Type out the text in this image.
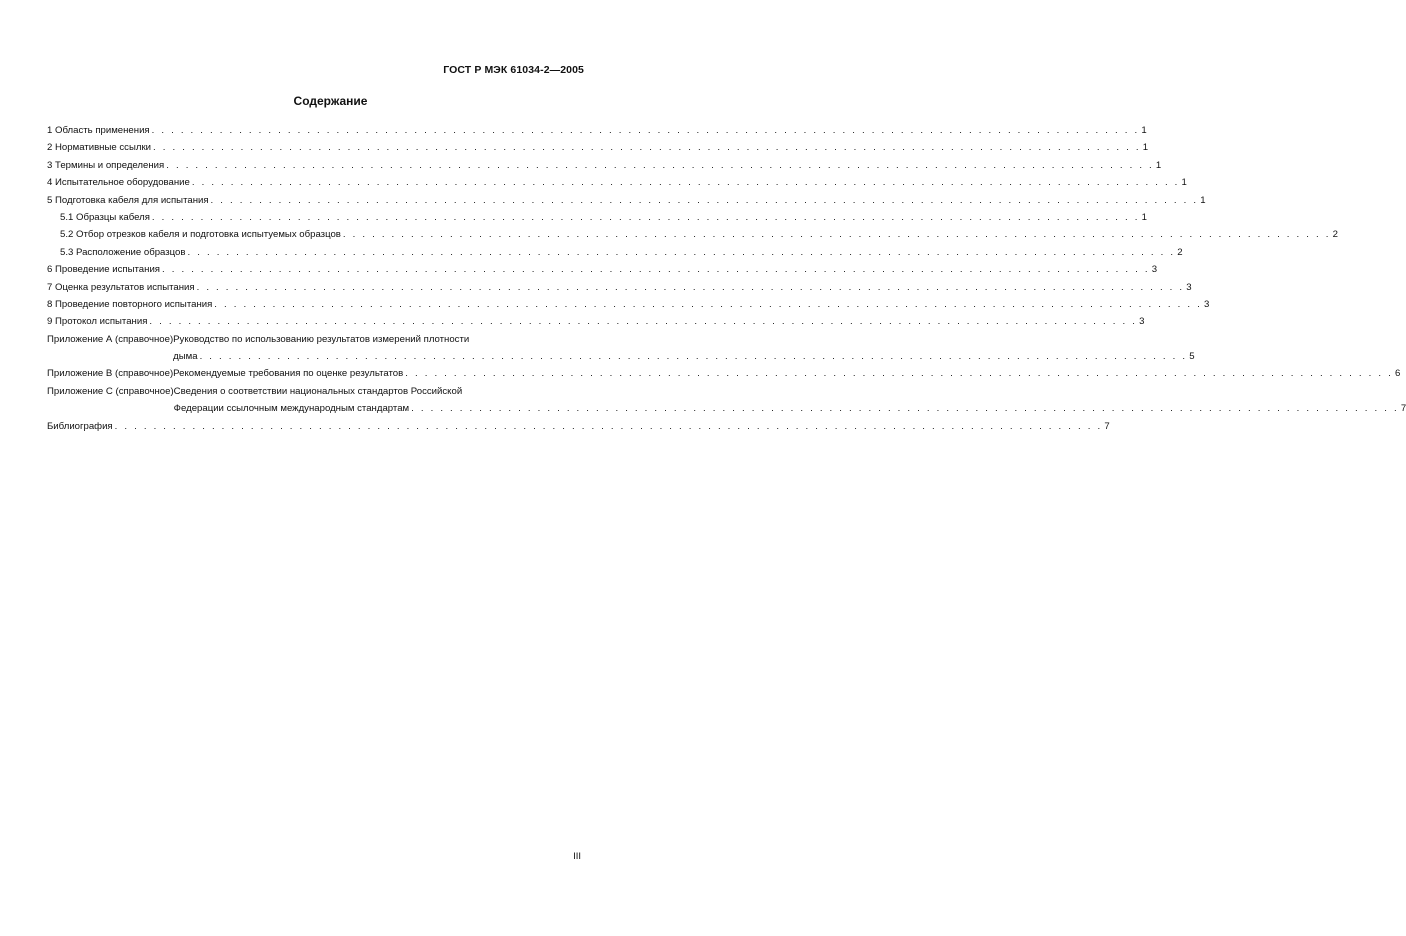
ГОСТ Р МЭК 61034-2—2005
Содержание
1 Область применения . . .	1
2 Нормативные ссылки . . .	1
3 Термины и определения . . .	1
4 Испытательное оборудование . . .	1
5 Подготовка кабеля для испытания . . .	1
5.1 Образцы кабеля . . .	1
5.2 Отбор отрезков кабеля и подготовка испытуемых образцов . . .	2
5.3 Расположение образцов . . .	2
6 Проведение испытания . . .	3
7 Оценка результатов испытания . . .	3
8 Проведение повторного испытания . . .	3
9 Протокол испытания . . .	3
Приложение А (справочное) Руководство по использованию результатов измерений плотности
дыма . . .	5
Приложение В (справочное) Рекомендуемые требования по оценке результатов . . .	6
Приложение С (справочное) Сведения о соответствии национальных стандартов Российской
Федерации ссылочным международным стандартам . . .	7
Библиография . . .	7
III
